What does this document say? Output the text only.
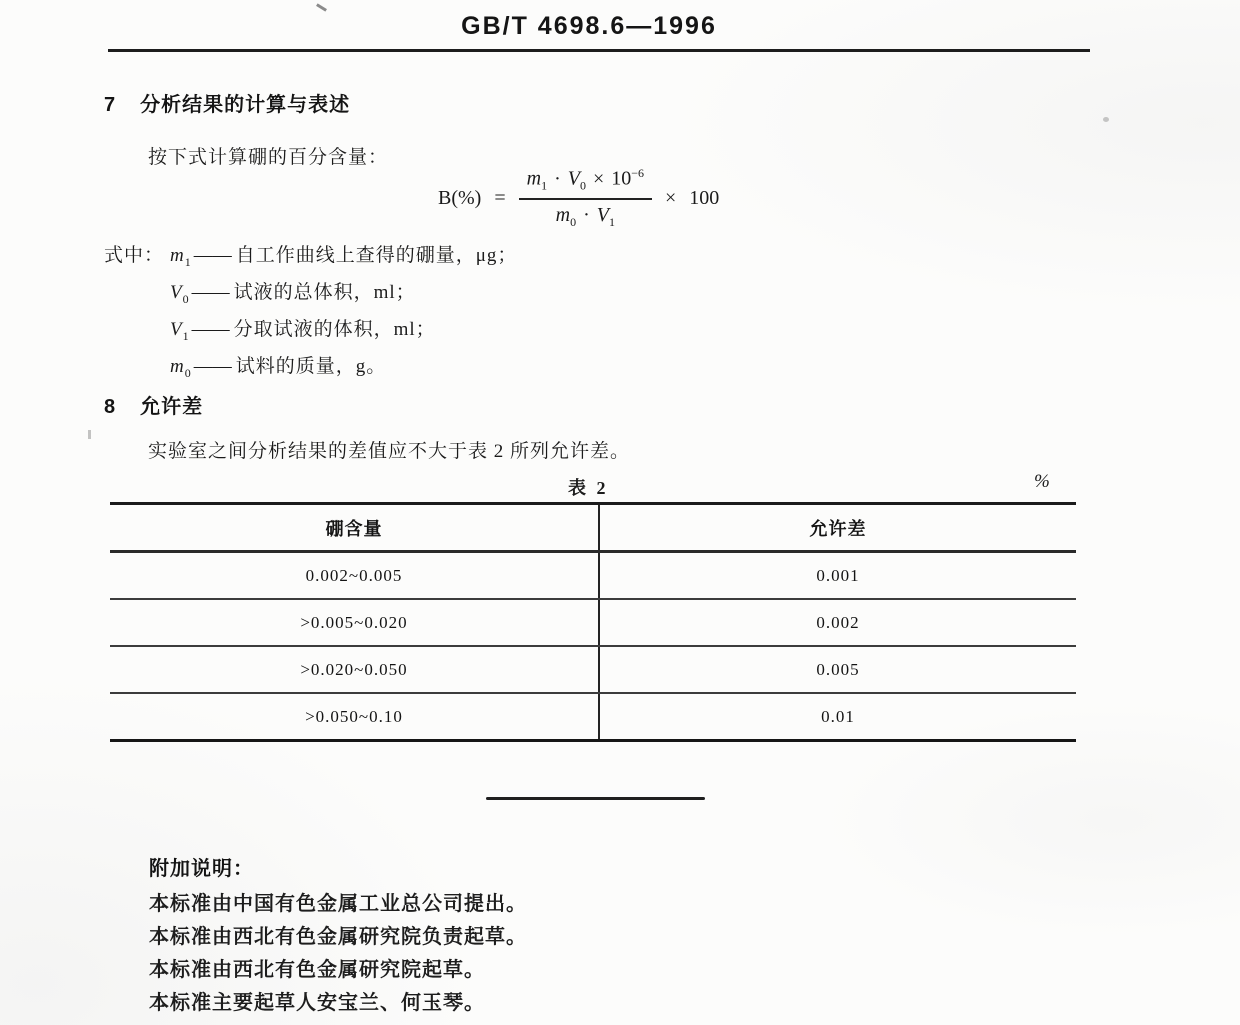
GB/T 4698.6—1996
7 分析结果的计算与表述
按下式计算硼的百分含量：
$B(\%) = \frac{m_1 \cdot V_0 \times 10^{-6}}{m_0 \cdot V_1} \times 100$
式中： $m_1$ —— 自工作曲线上查得的硼量，μg；
$V_0$ —— 试液的总体积，ml；
$V_1$ —— 分取试液的体积，ml；
$m_0$ —— 试料的质量，g。
8 允许差
实验室之间分析结果的差值应不大于表 2 所列允许差。
表 2	%
硼含量	允许差
0.002~0.005	0.001
>0.005~0.020	0.002
>0.020~0.050	0.005
>0.050~0.10	0.01
附加说明：
本标准由中国有色金属工业总公司提出。
本标准由西北有色金属研究院负责起草。
本标准由西北有色金属研究院起草。
本标准主要起草人安宝兰、何玉琴。
